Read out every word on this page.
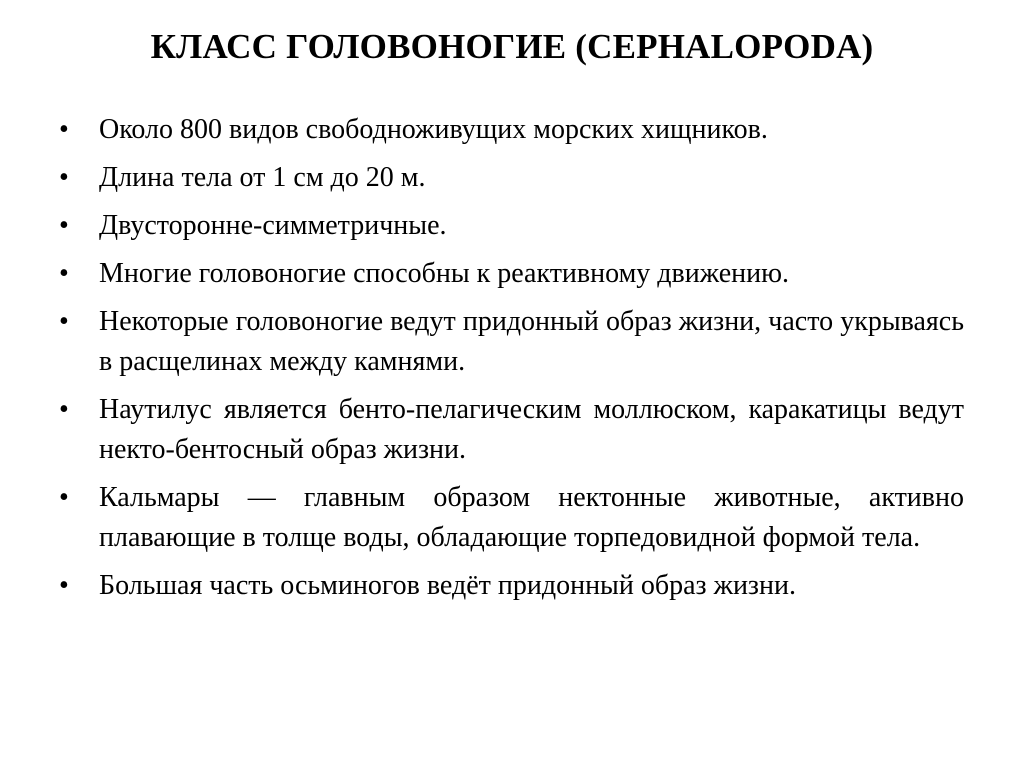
КЛАСС ГОЛОВОНОГИЕ (CEPHALOPODA)
•	Около 800 видов свободноживущих морских хищников.
•	Длина тела от 1 см до 20 м.
•	Двусторонне-симметричные.
•	Многие головоногие способны к реактивному движению.
•	Некоторые головоногие ведут придонный образ жизни, часто укрываясь в расщелинах между камнями.
•	Наутилус является бенто-пелагическим моллюском, каракатицы ведут некто-бентосный образ жизни.
•	Кальмары — главным образом нектонные животные, активно плавающие в толще воды, обладающие торпедовидной формой тела.
•	Большая часть осьминогов ведёт придонный образ жизни.
